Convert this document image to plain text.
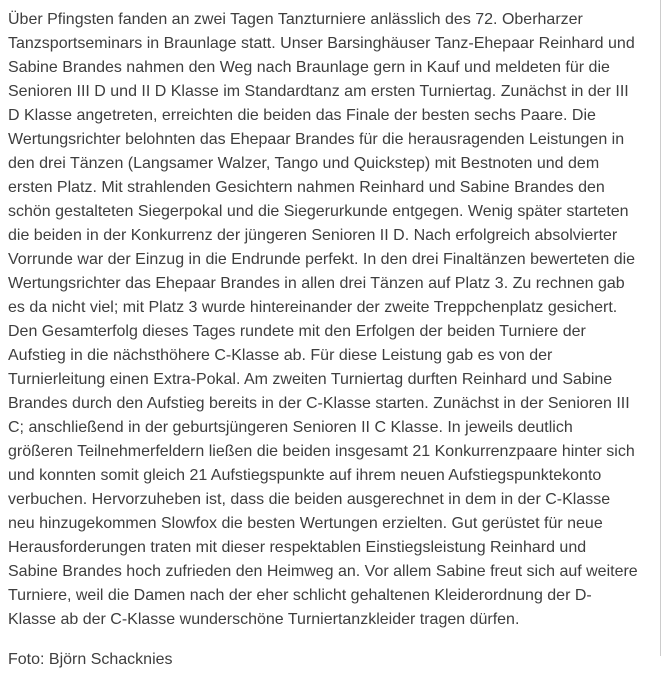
Über Pfingsten fanden an zwei Tagen Tanzturniere anlässlich des 72. Oberharzer
Tanzsportseminars in Braunlage statt. Unser Barsinghäuser Tanz-Ehepaar Reinhard und
Sabine Brandes nahmen den Weg nach Braunlage gern in Kauf und meldeten für die
Senioren III D und II D Klasse im Standardtanz am ersten Turniertag. Zunächst in der III
D Klasse angetreten, erreichten die beiden das Finale der besten sechs Paare. Die
Wertungsrichter belohnten das Ehepaar Brandes für die herausragenden Leistungen in
den drei Tänzen (Langsamer Walzer, Tango und Quickstep) mit Bestnoten und dem
ersten Platz. Mit strahlenden Gesichtern nahmen Reinhard und Sabine Brandes den
schön gestalteten Siegerpokal und die Siegerurkunde entgegen. Wenig später starteten
die beiden in der Konkurrenz der jüngeren Senioren II D. Nach erfolgreich absolvierter
Vorrunde war der Einzug in die Endrunde perfekt. In den drei Finaltänzen bewerteten die
Wertungsrichter das Ehepaar Brandes in allen drei Tänzen auf Platz 3. Zu rechnen gab
es da nicht viel; mit Platz 3 wurde hintereinander der zweite Treppchenplatz gesichert.
Den Gesamterfolg dieses Tages rundete mit den Erfolgen der beiden Turniere der
Aufstieg in die nächsthöhere C-Klasse ab. Für diese Leistung gab es von der
Turnierleitung einen Extra-Pokal. Am zweiten Turniertag durften Reinhard und Sabine
Brandes durch den Aufstieg bereits in der C-Klasse starten. Zunächst in der Senioren III
C; anschließend in der geburtsjüngeren Senioren II C Klasse. In jeweils deutlich
größeren Teilnehmerfeldern ließen die beiden insgesamt 21 Konkurrenzpaare hinter sich
und konnten somit gleich 21 Aufstiegspunkte auf ihrem neuen Aufstiegspunktekonto
verbuchen. Hervorzuheben ist, dass die beiden ausgerechnet in dem in der C-Klasse
neu hinzugekommen Slowfox die besten Wertungen erzielten. Gut gerüstet für neue
Herausforderungen traten mit dieser respektablen Einstiegsleistung Reinhard und
Sabine Brandes hoch zufrieden den Heimweg an. Vor allem Sabine freut sich auf weitere
Turniere, weil die Damen nach der eher schlicht gehaltenen Kleiderordnung der D-
Klasse ab der C-Klasse wunderschöne Turniertanzkleider tragen dürfen.
Foto: Björn Schacknies
